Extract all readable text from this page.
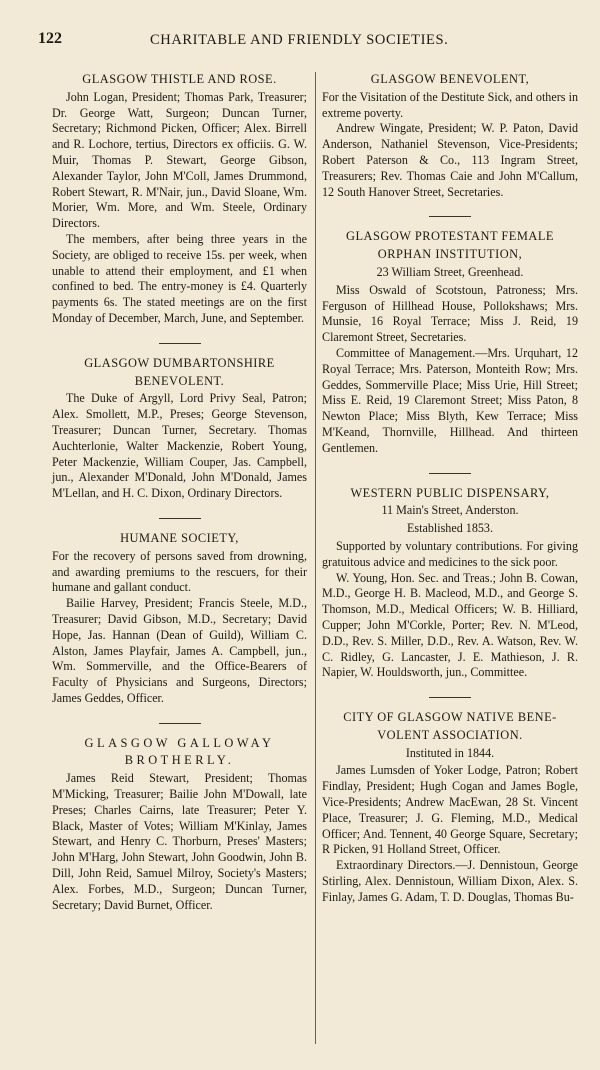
122	CHARITABLE AND FRIENDLY SOCIETIES.
GLASGOW THISTLE AND ROSE.

John Logan, President; Thomas Park, Treasurer; Dr. George Watt, Surgeon; Duncan Turner, Secretary; Richmond Picken, Officer; Alex. Birrell and R. Lochore, tertius, Directors ex officiis. G. W. Muir, Thomas P. Stewart, George Gibson, Alexander Taylor, John M'Coll, James Drummond, Robert Stewart, R. M'Nair, jun., David Sloane, Wm. Morier, Wm. More, and Wm. Steele, Ordinary Directors.

The members, after being three years in the Society, are obliged to receive 15s. per week, when unable to attend their employment, and £1 when confined to bed. The entry-money is £4. Quarterly payments 6s. The stated meetings are on the first Monday of December, March, June, and September.

GLASGOW DUMBARTONSHIRE
BENEVOLENT.

The Duke of Argyll, Lord Privy Seal, Patron; Alex. Smollett, M.P., Preses; George Stevenson, Treasurer; Duncan Turner, Secretary. Thomas Auchterlonie, Walter Mackenzie, Robert Young, Peter Mackenzie, William Couper, Jas. Campbell, jun., Alexander M'Donald, John M'Donald, James M'Lellan, and H. C. Dixon, Ordinary Directors.

HUMANE SOCIETY,

For the recovery of persons saved from drowning, and awarding premiums to the rescuers, for their humane and gallant conduct.

Bailie Harvey, President; Francis Steele, M.D., Treasurer; David Gibson, M.D., Secretary; David Hope, Jas. Hannan (Dean of Guild), William C. Alston, James Playfair, James A. Campbell, jun., Wm. Sommerville, and the Office-Bearers of Faculty of Physicians and Surgeons, Directors; James Geddes, Officer.

GLASGOW GALLOWAY
BROTHERLY.

James Reid Stewart, President; Thomas M'Micking, Treasurer; Bailie John M'Dowall, late Preses; Charles Cairns, late Treasurer; Peter Y. Black, Master of Votes; William M'Kinlay, James Stewart, and Henry C. Thorburn, Preses' Masters; John M'Harg, John Stewart, John Goodwin, John B. Dill, John Reid, Samuel Milroy, Society's Masters; Alex. Forbes, M.D., Surgeon; Duncan Turner, Secretary; David Burnet, Officer.

GLASGOW BENEVOLENT,

For the Visitation of the Destitute Sick, and others in extreme poverty.

Andrew Wingate, President; W. P. Paton, David Anderson, Nathaniel Stevenson, Vice-Presidents; Robert Paterson & Co., 113 Ingram Street, Treasurers; Rev. Thomas Caie and John M'Callum, 12 South Hanover Street, Secretaries.

GLASGOW PROTESTANT FEMALE
ORPHAN INSTITUTION,
23 William Street, Greenhead.

Miss Oswald of Scotstoun, Patroness; Mrs. Ferguson of Hillhead House, Pollokshaws; Mrs. Munsie, 16 Royal Terrace; Miss J. Reid, 19 Claremont Street, Secretaries.

Committee of Management.—Mrs. Urquhart, 12 Royal Terrace; Mrs. Paterson, Monteith Row; Mrs. Geddes, Sommerville Place; Miss Urie, Hill Street; Miss E. Reid, 19 Claremont Street; Miss Paton, 8 Newton Place; Miss Blyth, Kew Terrace; Miss M'Keand, Thornville, Hillhead. And thirteen Gentlemen.

WESTERN PUBLIC DISPENSARY,
11 Main's Street, Anderston.
Established 1853.

Supported by voluntary contributions. For giving gratuitous advice and medicines to the sick poor.

W. Young, Hon. Sec. and Treas.; John B. Cowan, M.D., George H. B. Macleod, M.D., and George S. Thomson, M.D., Medical Officers; W. B. Hilliard, Cupper; John M'Corkle, Porter; Rev. N. M'Leod, D.D., Rev. S. Miller, D.D., Rev. A. Watson, Rev. W. C. Ridley, G. Lancaster, J. E. Mathieson, J. R. Napier, W. Houldsworth, jun., Committee.

CITY OF GLASGOW NATIVE BENE-
VOLENT ASSOCIATION.
Instituted in 1844.

James Lumsden of Yoker Lodge, Patron; Robert Findlay, President; Hugh Cogan and James Bogle, Vice-Presidents; Andrew MacEwan, 28 St. Vincent Place, Treasurer; J. G. Fleming, M.D., Medical Officer; And. Tennent, 40 George Square, Secretary; R Picken, 91 Holland Street, Officer.

Extraordinary Directors.—J. Dennistoun, George Stirling, Alex. Dennistoun, William Dixon, Alex. S. Finlay, James G. Adam, T. D. Douglas, Thomas Bu-
